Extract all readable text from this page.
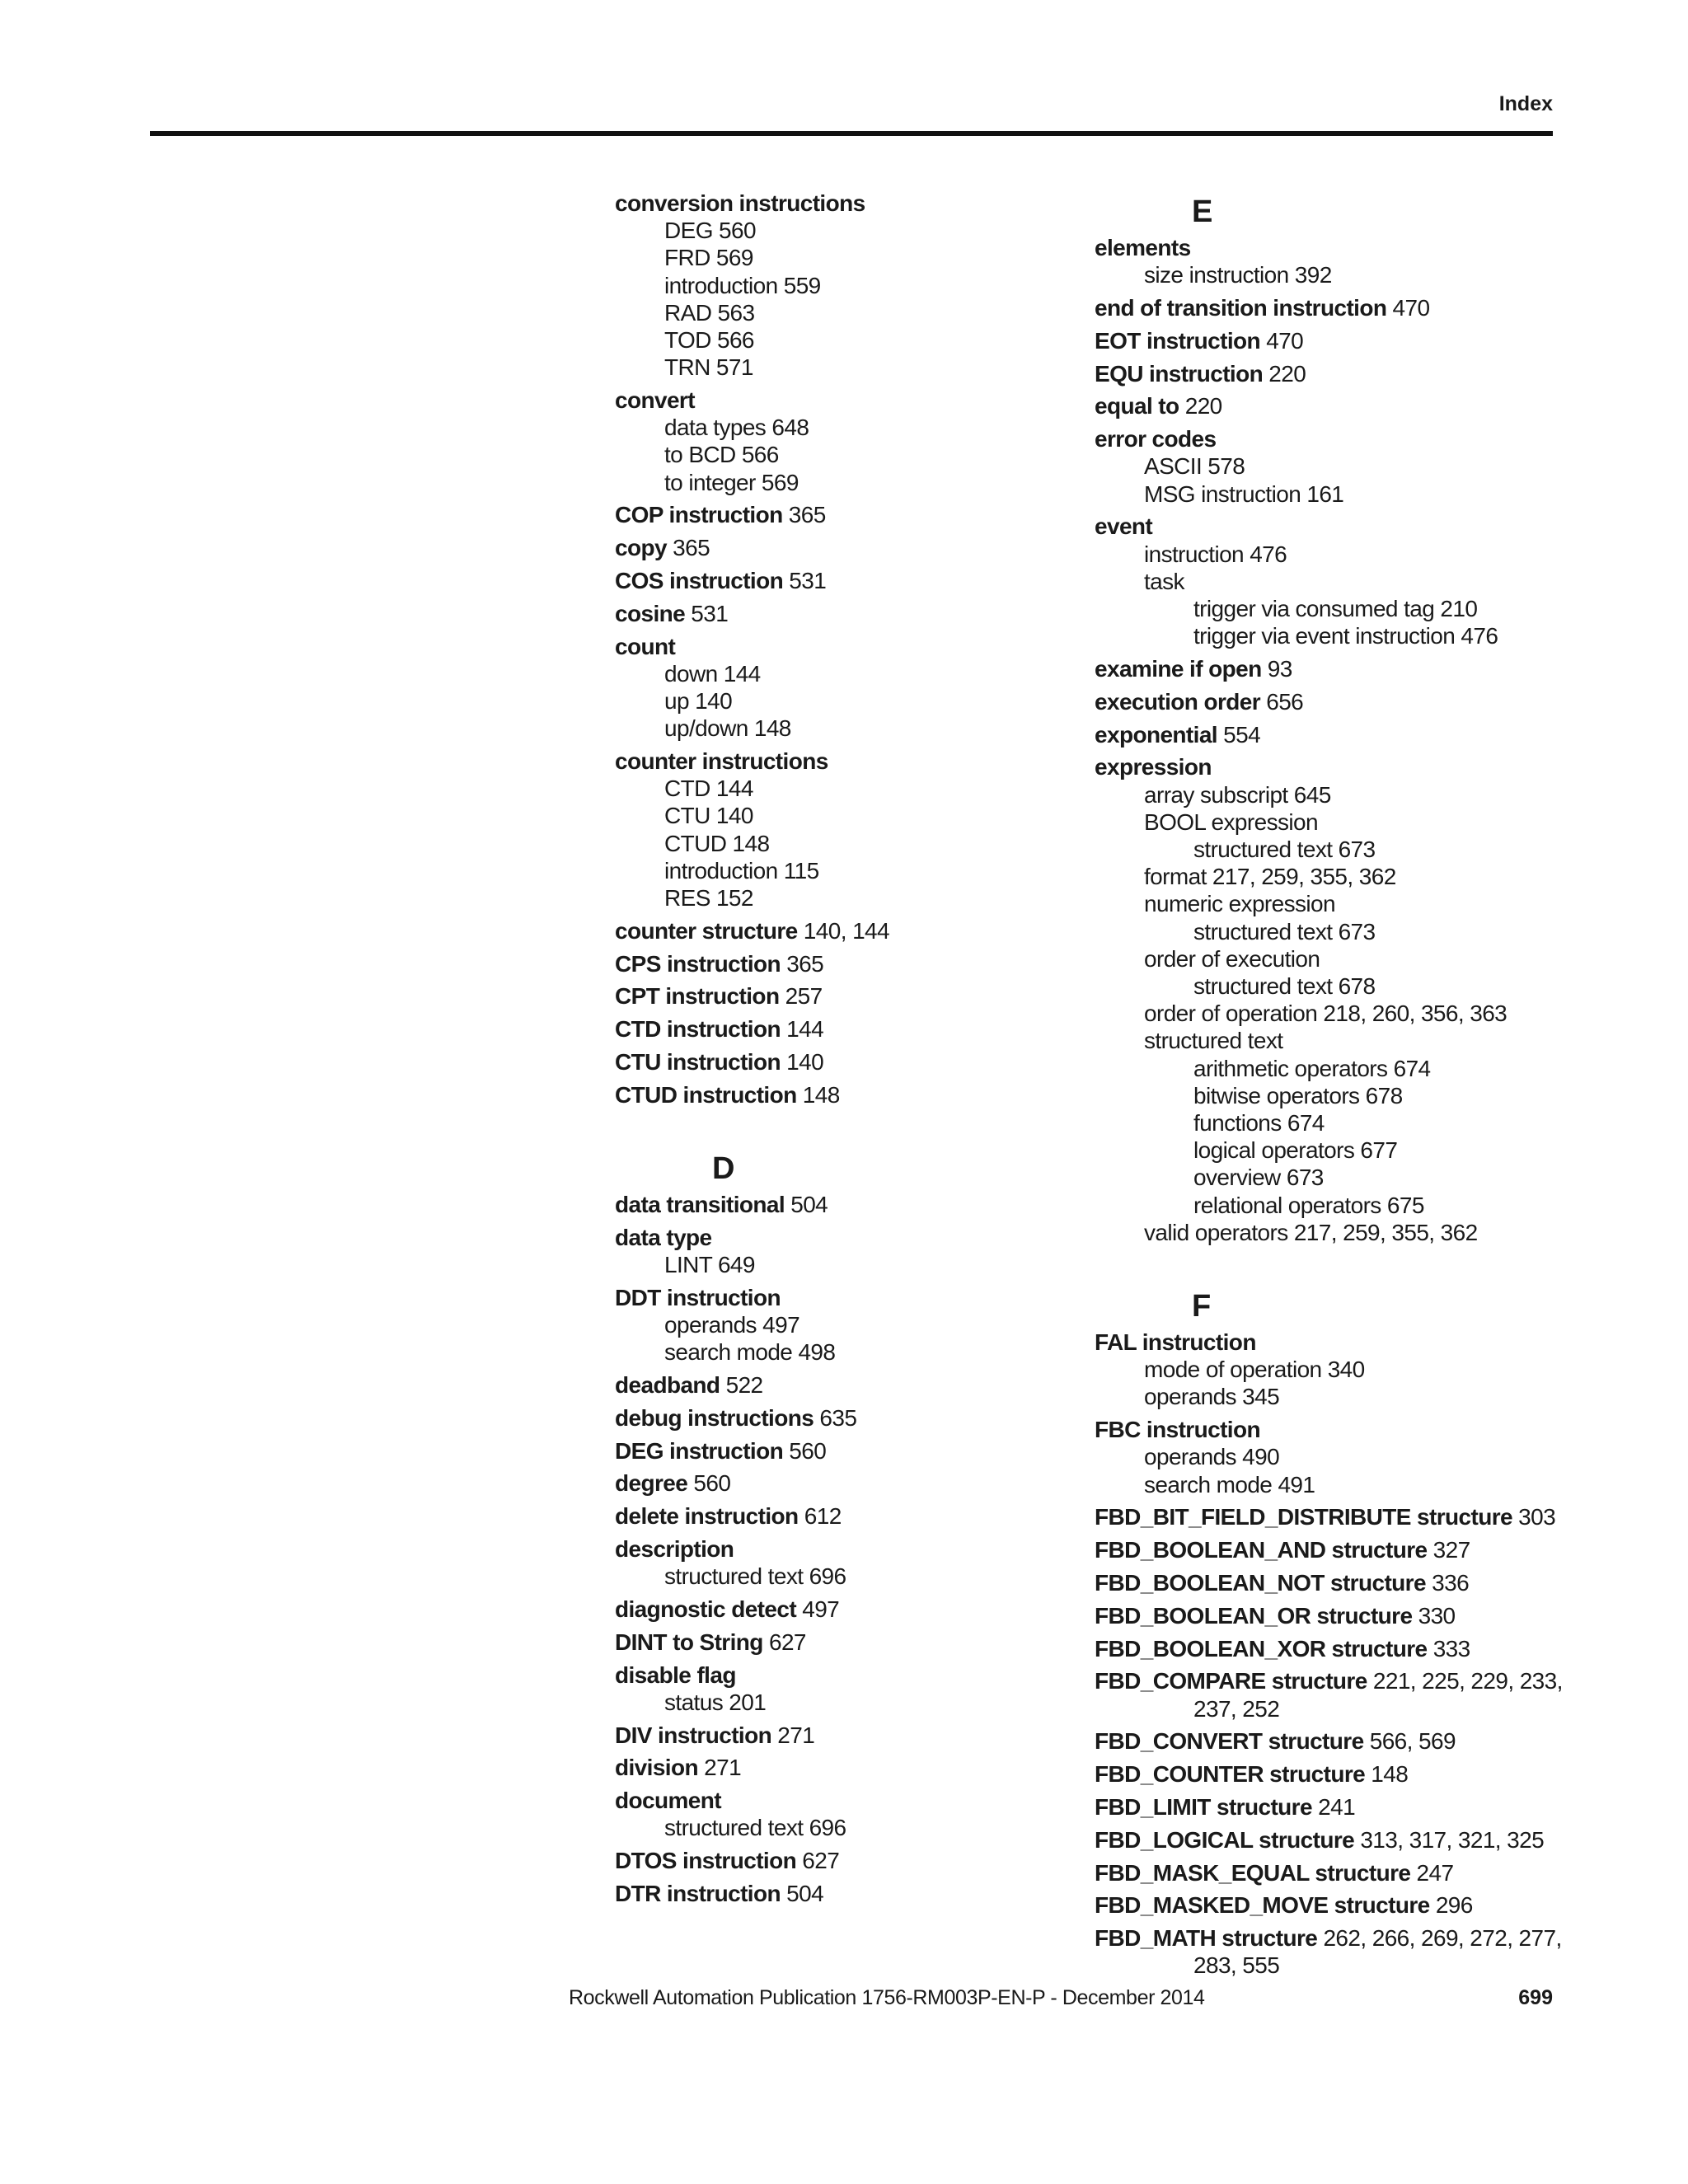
Index
conversion instructions
DEG 560
FRD 569
introduction 559
RAD 563
TOD 566
TRN 571
convert
data types 648
to BCD 566
to integer 569
COP instruction 365
copy 365
COS instruction 531
cosine 531
count
down 144
up 140
up/down 148
counter instructions
CTD 144
CTU 140
CTUD 148
introduction 115
RES 152
counter structure 140, 144
CPS instruction 365
CPT instruction 257
CTD instruction 144
CTU instruction 140
CTUD instruction 148
D
data transitional 504
data type
LINT 649
DDT instruction
operands 497
search mode 498
deadband 522
debug instructions 635
DEG instruction 560
degree 560
delete instruction 612
description
structured text 696
diagnostic detect 497
DINT to String 627
disable flag
status 201
DIV instruction 271
division 271
document
structured text 696
DTOS instruction 627
DTR instruction 504
E
elements
size instruction 392
end of transition instruction 470
EOT instruction 470
EQU instruction 220
equal to 220
error codes
ASCII 578
MSG instruction 161
event
instruction 476
task
trigger via consumed tag 210
trigger via event instruction 476
examine if open 93
execution order 656
exponential 554
expression
array subscript 645
BOOL expression
structured text 673
format 217, 259, 355, 362
numeric expression
structured text 673
order of execution
structured text 678
order of operation 218, 260, 356, 363
structured text
arithmetic operators 674
bitwise operators 678
functions 674
logical operators 677
overview 673
relational operators 675
valid operators 217, 259, 355, 362
F
FAL instruction
mode of operation 340
operands 345
FBC instruction
operands 490
search mode 491
FBD_BIT_FIELD_DISTRIBUTE structure 303
FBD_BOOLEAN_AND structure 327
FBD_BOOLEAN_NOT structure 336
FBD_BOOLEAN_OR structure 330
FBD_BOOLEAN_XOR structure 333
FBD_COMPARE structure 221, 225, 229, 233,
237, 252
FBD_CONVERT structure 566, 569
FBD_COUNTER structure 148
FBD_LIMIT structure 241
FBD_LOGICAL structure 313, 317, 321, 325
FBD_MASK_EQUAL structure 247
FBD_MASKED_MOVE structure 296
FBD_MATH structure 262, 266, 269, 272, 277,
283, 555
Rockwell Automation Publication 1756-RM003P-EN-P - December 2014	699
